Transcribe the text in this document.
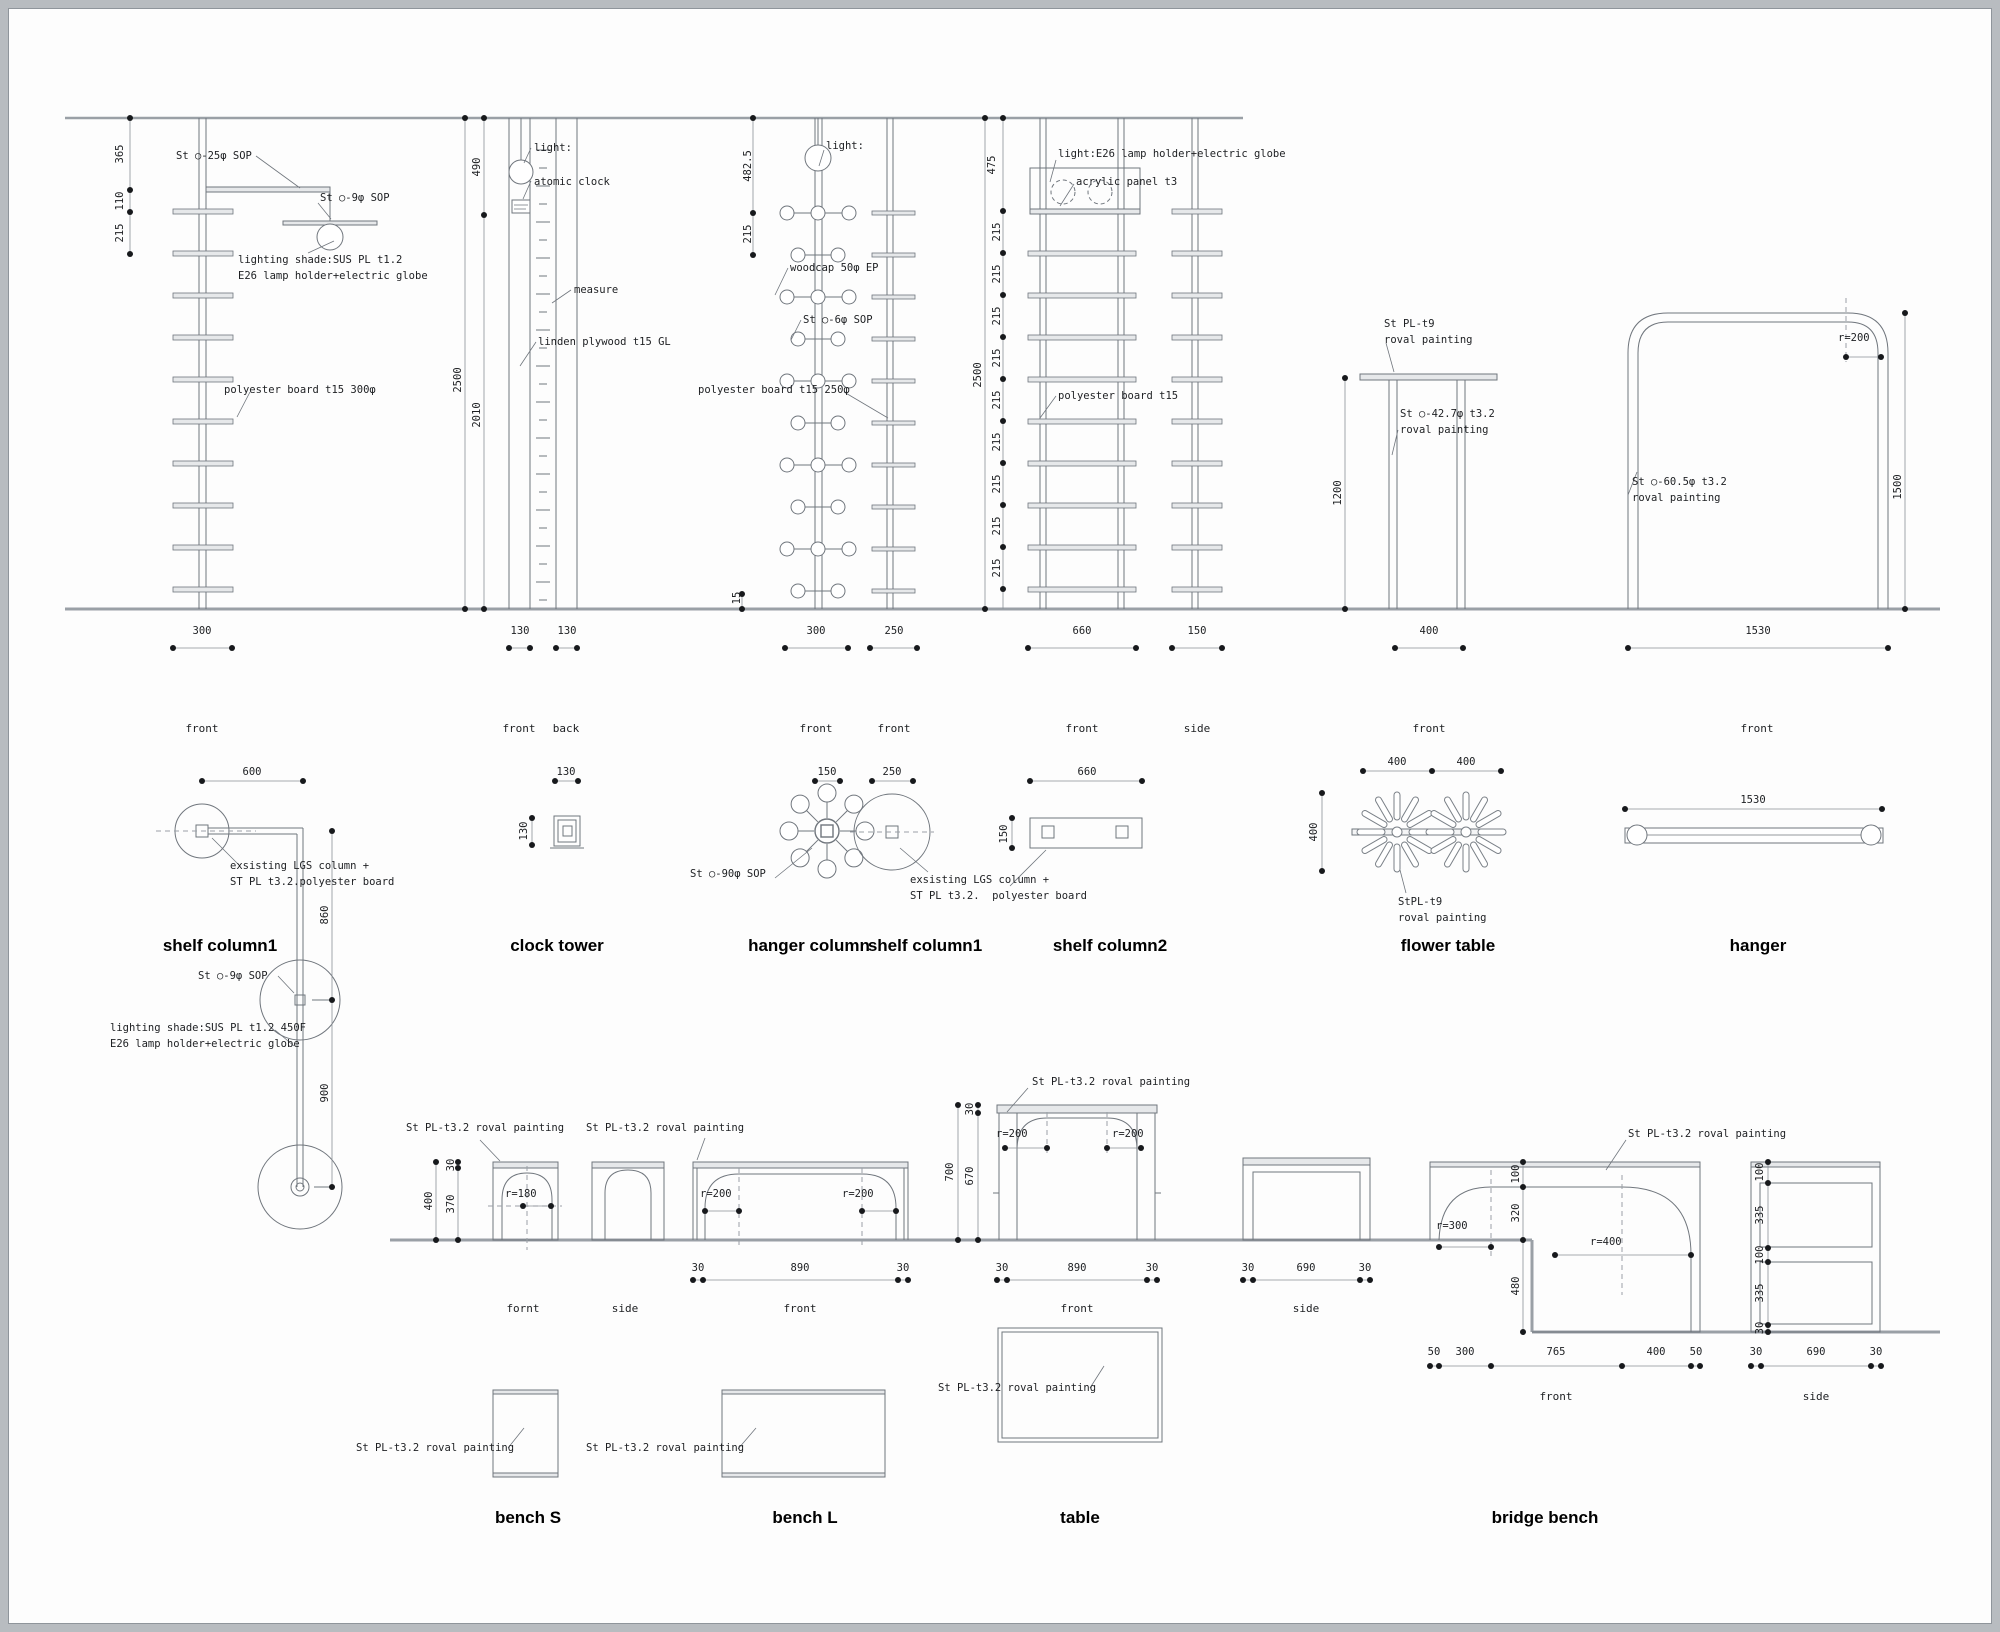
St ○-25φ SOP
St ○-9φ SOP
lighting shade:SUS PL t1.2
E26 lamp holder+electric globe
polyester board t15 300φ
light:
atomic clock
measure
linden plywood t15 GL
light:
woodcap 50φ EP
St ○-6φ SOP
polyester board t15 250φ
light:E26 lamp holder+electric globe
acrylic panel t3
polyester board t15
St PL-t9
roval painting
St ○-42.7φ t3.2
roval painting
r=200
St ○-60.5φ t3.2
roval painting
300	130	130	300	250	660	150	400	1530
365
110
215
490
2500
2010
482.5
215
15
475
215
215
215
215
215
215
215
215
215
2500
1200	1500
front	front back	front	front	front	side	front	front
600	130	150	250	660
400	400
1530
130	150	400
860
900
exsisting LGS column +
ST PL t3.2.polyester board
St ○-9φ SOP
lighting shade:SUS PL t1.2 450F
E26 lamp holder+electric globe
St ○-90φ SOP	exsisting LGS column +
ST PL t3.2.  polyester board	StPL-t9
roval painting
shelf column1	clock tower	hanger column
shelf column1	shelf column2	flower table	hanger
St PL-t3.2 roval painting St PL-t3.2 roval painting
St PL-t3.2 roval painting
St PL-t3.2 roval painting
r=180	r=200	r=200
r=200	r=200
r=300
r=400
St PL-t3.2 roval painting	St PL-t3.2 roval painting
St PL-t3.2 roval painting
30	890	30	30	890	30	30	690	30
50 300	765	400 50	30	690	30
400 370
30
30
700 670	100
320
480
100
335
100
335
30
fornt	side	front	front	side
front	side
bench S	bench L	table	bridge bench
